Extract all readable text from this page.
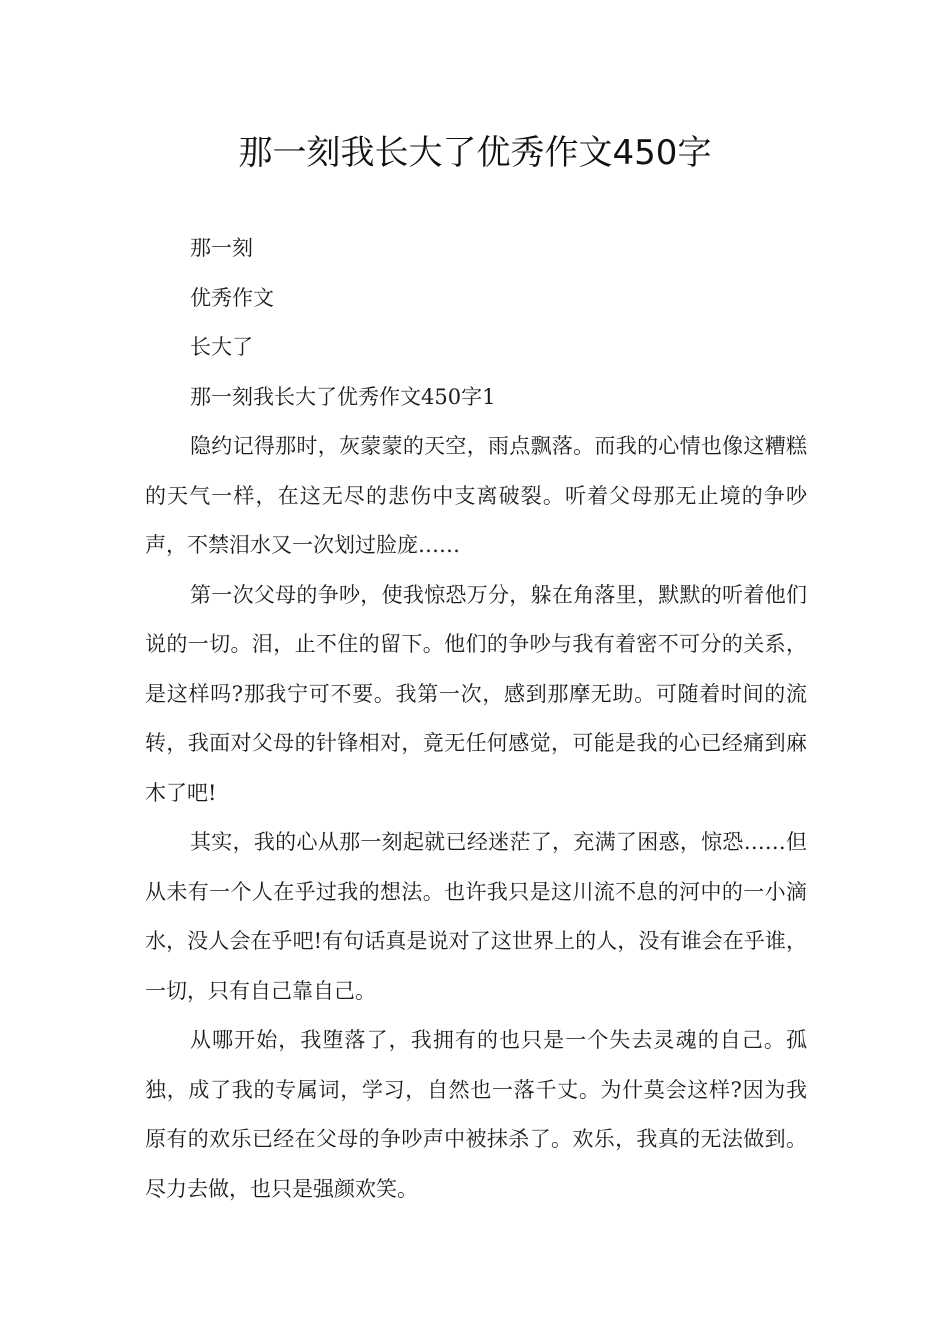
那一刻我长大了优秀作文450字

那一刻

优秀作文

长大了

那一刻我长大了优秀作文450字1

隐约记得那时，灰蒙蒙的天空，雨点飘落。而我的心情也像这糟糕的天气一样，在这无尽的悲伤中支离破裂。听着父母那无止境的争吵声，不禁泪水又一次划过脸庞……

第一次父母的争吵，使我惊恐万分，躲在角落里，默默的听着他们说的一切。泪，止不住的留下。他们的争吵与我有着密不可分的关系，是这样吗?那我宁可不要。我第一次，感到那摩无助。可随着时间的流转，我面对父母的针锋相对，竟无任何感觉，可能是我的心已经痛到麻木了吧!

其实，我的心从那一刻起就已经迷茫了，充满了困惑，惊恐……但从未有一个人在乎过我的想法。也许我只是这川流不息的河中的一小滴水，没人会在乎吧!有句话真是说对了这世界上的人，没有谁会在乎谁，一切，只有自己靠自己。

从哪开始，我堕落了，我拥有的也只是一个失去灵魂的自己。孤独，成了我的专属词，学习，自然也一落千丈。为什莫会这样?因为我原有的欢乐已经在父母的争吵声中被抹杀了。欢乐，我真的无法做到。尽力去做，也只是强颜欢笑。
